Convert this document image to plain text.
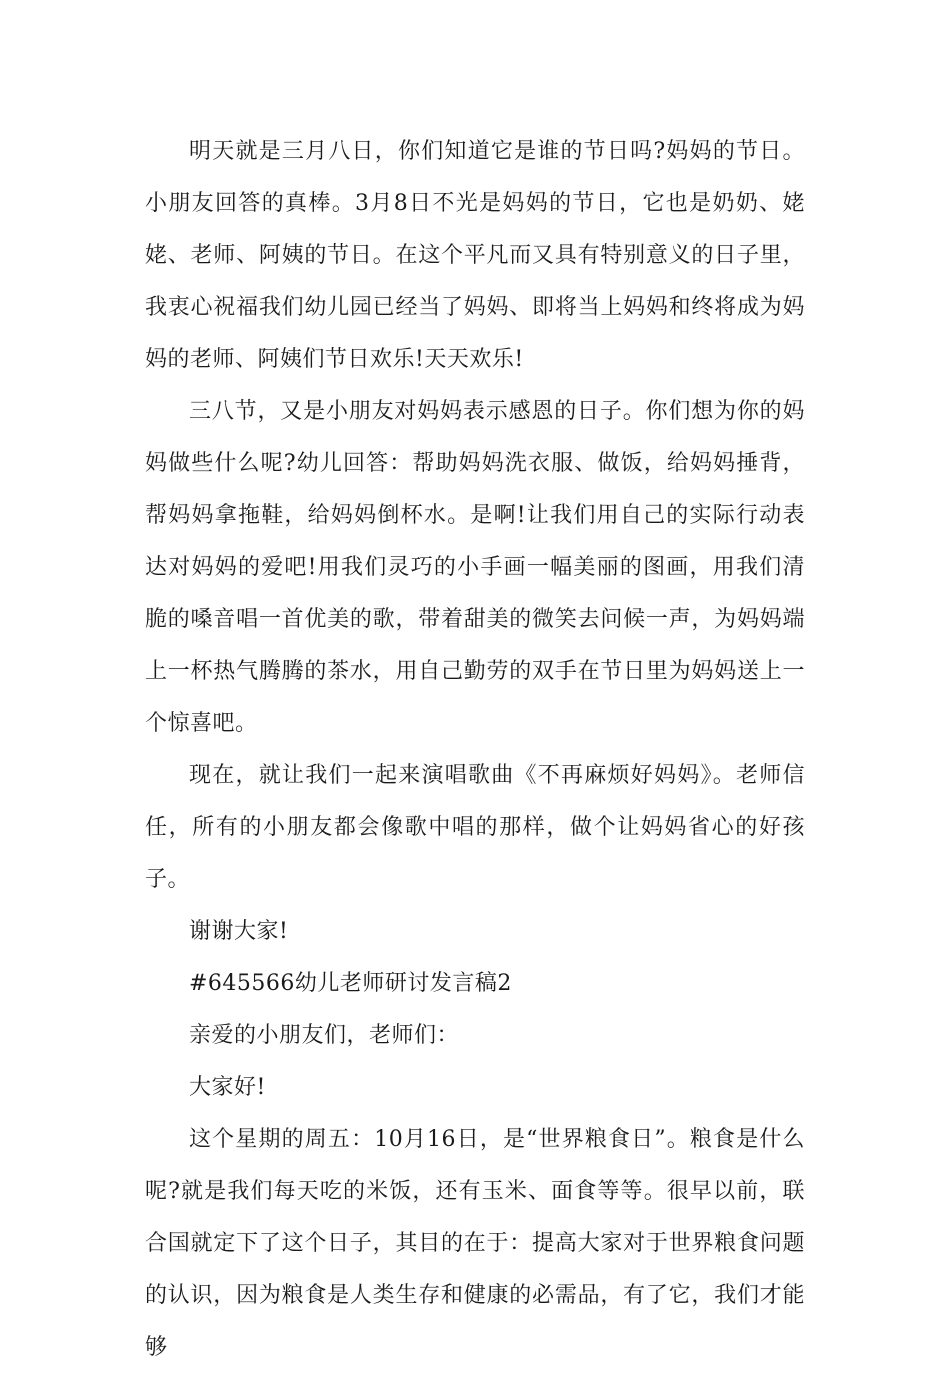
明天就是三月八日，你们知道它是谁的节日吗?妈妈的节日。小朋友回答的真棒。3月8日不光是妈妈的节日，它也是奶奶、姥姥、老师、阿姨的节日。在这个平凡而又具有特别意义的日子里，我衷心祝福我们幼儿园已经当了妈妈、即将当上妈妈和终将成为妈妈的老师、阿姨们节日欢乐!天天欢乐!

三八节，又是小朋友对妈妈表示感恩的日子。你们想为你的妈妈做些什么呢?幼儿回答：帮助妈妈洗衣服、做饭，给妈妈捶背，帮妈妈拿拖鞋，给妈妈倒杯水。是啊!让我们用自己的实际行动表达对妈妈的爱吧!用我们灵巧的小手画一幅美丽的图画，用我们清脆的嗓音唱一首优美的歌，带着甜美的微笑去问候一声，为妈妈端上一杯热气腾腾的茶水，用自己勤劳的双手在节日里为妈妈送上一个惊喜吧。

现在，就让我们一起来演唱歌曲《不再麻烦好妈妈》。老师信任，所有的小朋友都会像歌中唱的那样，做个让妈妈省心的好孩子。

谢谢大家!

#645566幼儿老师研讨发言稿2

亲爱的小朋友们，老师们：

大家好!

这个星期的周五：10月16日，是“世界粮食日”。粮食是什么呢?就是我们每天吃的米饭，还有玉米、面食等等。很早以前，联合国就定下了这个日子，其目的在于：提高大家对于世界粮食问题的认识，因为粮食是人类生存和健康的必需品，有了它，我们才能够
